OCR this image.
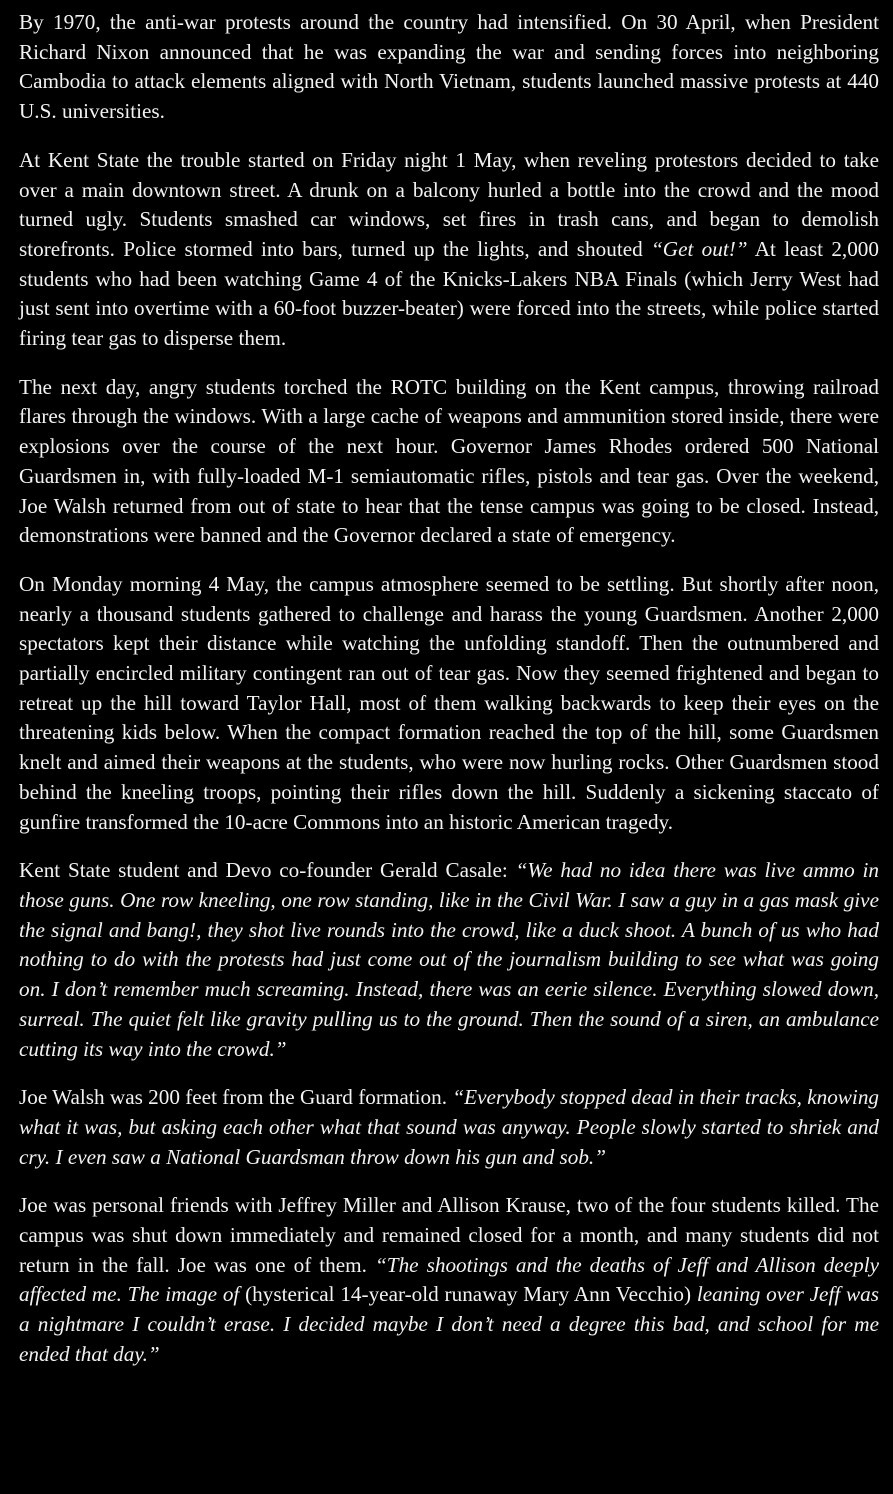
By 1970, the anti-war protests around the country had intensified. On 30 April, when President Richard Nixon announced that he was expanding the war and sending forces into neighboring Cambodia to attack elements aligned with North Vietnam, students launched massive protests at 440 U.S. universities.

At Kent State the trouble started on Friday night 1 May, when reveling protestors decided to take over a main downtown street. A drunk on a balcony hurled a bottle into the crowd and the mood turned ugly. Students smashed car windows, set fires in trash cans, and began to demolish storefronts. Police stormed into bars, turned up the lights, and shouted “Get out!” At least 2,000 students who had been watching Game 4 of the Knicks-Lakers NBA Finals (which Jerry West had just sent into overtime with a 60-foot buzzer-beater) were forced into the streets, while police started firing tear gas to disperse them.

The next day, angry students torched the ROTC building on the Kent campus, throwing railroad flares through the windows. With a large cache of weapons and ammunition stored inside, there were explosions over the course of the next hour. Governor James Rhodes ordered 500 National Guardsmen in, with fully-loaded M-1 semiautomatic rifles, pistols and tear gas. Over the weekend, Joe Walsh returned from out of state to hear that the tense campus was going to be closed. Instead, demonstrations were banned and the Governor declared a state of emergency.

On Monday morning 4 May, the campus atmosphere seemed to be settling. But shortly after noon, nearly a thousand students gathered to challenge and harass the young Guardsmen. Another 2,000 spectators kept their distance while watching the unfolding standoff. Then the outnumbered and partially encircled military contingent ran out of tear gas. Now they seemed frightened and began to retreat up the hill toward Taylor Hall, most of them walking backwards to keep their eyes on the threatening kids below. When the compact formation reached the top of the hill, some Guardsmen knelt and aimed their weapons at the students, who were now hurling rocks. Other Guardsmen stood behind the kneeling troops, pointing their rifles down the hill. Suddenly a sickening staccato of gunfire transformed the 10-acre Commons into an historic American tragedy.

Kent State student and Devo co-founder Gerald Casale: “We had no idea there was live ammo in those guns. One row kneeling, one row standing, like in the Civil War. I saw a guy in a gas mask give the signal and bang!, they shot live rounds into the crowd, like a duck shoot. A bunch of us who had nothing to do with the protests had just come out of the journalism building to see what was going on. I don’t remember much screaming. Instead, there was an eerie silence. Everything slowed down, surreal. The quiet felt like gravity pulling us to the ground. Then the sound of a siren, an ambulance cutting its way into the crowd.”

Joe Walsh was 200 feet from the Guard formation. “Everybody stopped dead in their tracks, knowing what it was, but asking each other what that sound was anyway. People slowly started to shriek and cry. I even saw a National Guardsman throw down his gun and sob.”

Joe was personal friends with Jeffrey Miller and Allison Krause, two of the four students killed. The campus was shut down immediately and remained closed for a month, and many students did not return in the fall. Joe was one of them. “The shootings and the deaths of Jeff and Allison deeply affected me. The image of (hysterical 14-year-old runaway Mary Ann Vecchio) leaning over Jeff was a nightmare I couldn’t erase. I decided maybe I don’t need a degree this bad, and school for me ended that day.”
